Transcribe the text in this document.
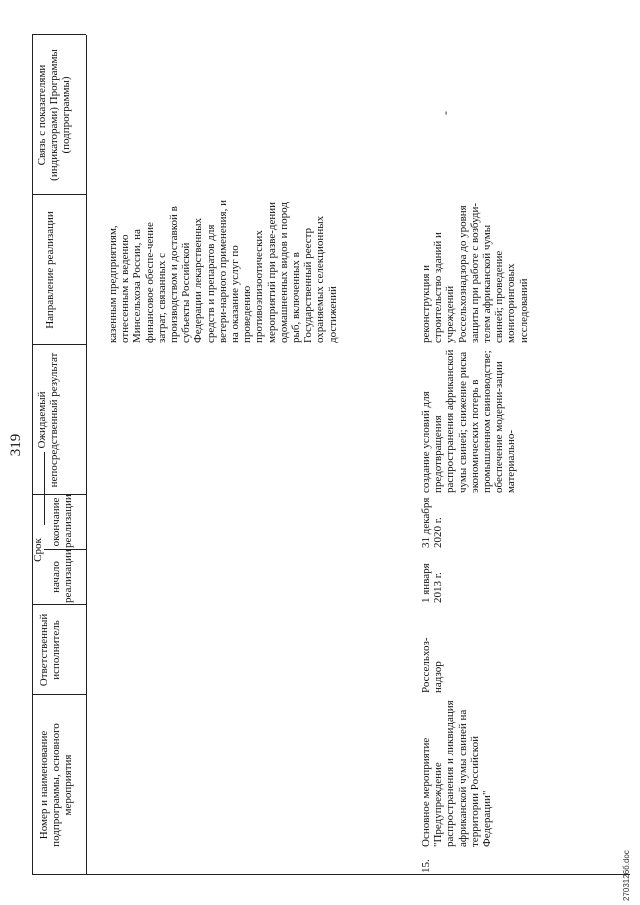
319
Номер и наименование подпрограммы, основного мероприятия
Ответственный исполнитель
Срок
начало реализации
окончание реализации
Ожидаемый непосредственный результат
Направление реализации
Связь с показателями (индикаторами) Программы (подпрограммы)
казенным предприятиям, отнесенным к ведению Минсельхоза России, на финансовое обеспе-чение затрат, связанных с производством и доставкой в субъекты Российской Федерации лекарственных средств и препаратов для ветери-нарного применения, и на оказание услуг по проведению противоэпизоотических мероприятий при разве-дении одомашненных видов и пород рыб, включенных в Государственный реестр охраняемых селекционных достижений
15.
Основное мероприятие "Предупреждение распространения и ликвидация африканской чумы свиней на территории Российской Федерации"
Россельхоз-надзор
1 января 2013 г.
31 декабря 2020 г.
создание условий для предотвращения распространения африканской чумы свиней; снижение риска экономических потерь в промышленном свиноводстве; обеспечение модерни-зации материально-
реконструкция и строительство зданий и учреждений Россельхознадзора до уровня защиты при работе с возбуди-телем африканской чумы свиней; проведение мониторинговых исследований
-
2703126б.doc
